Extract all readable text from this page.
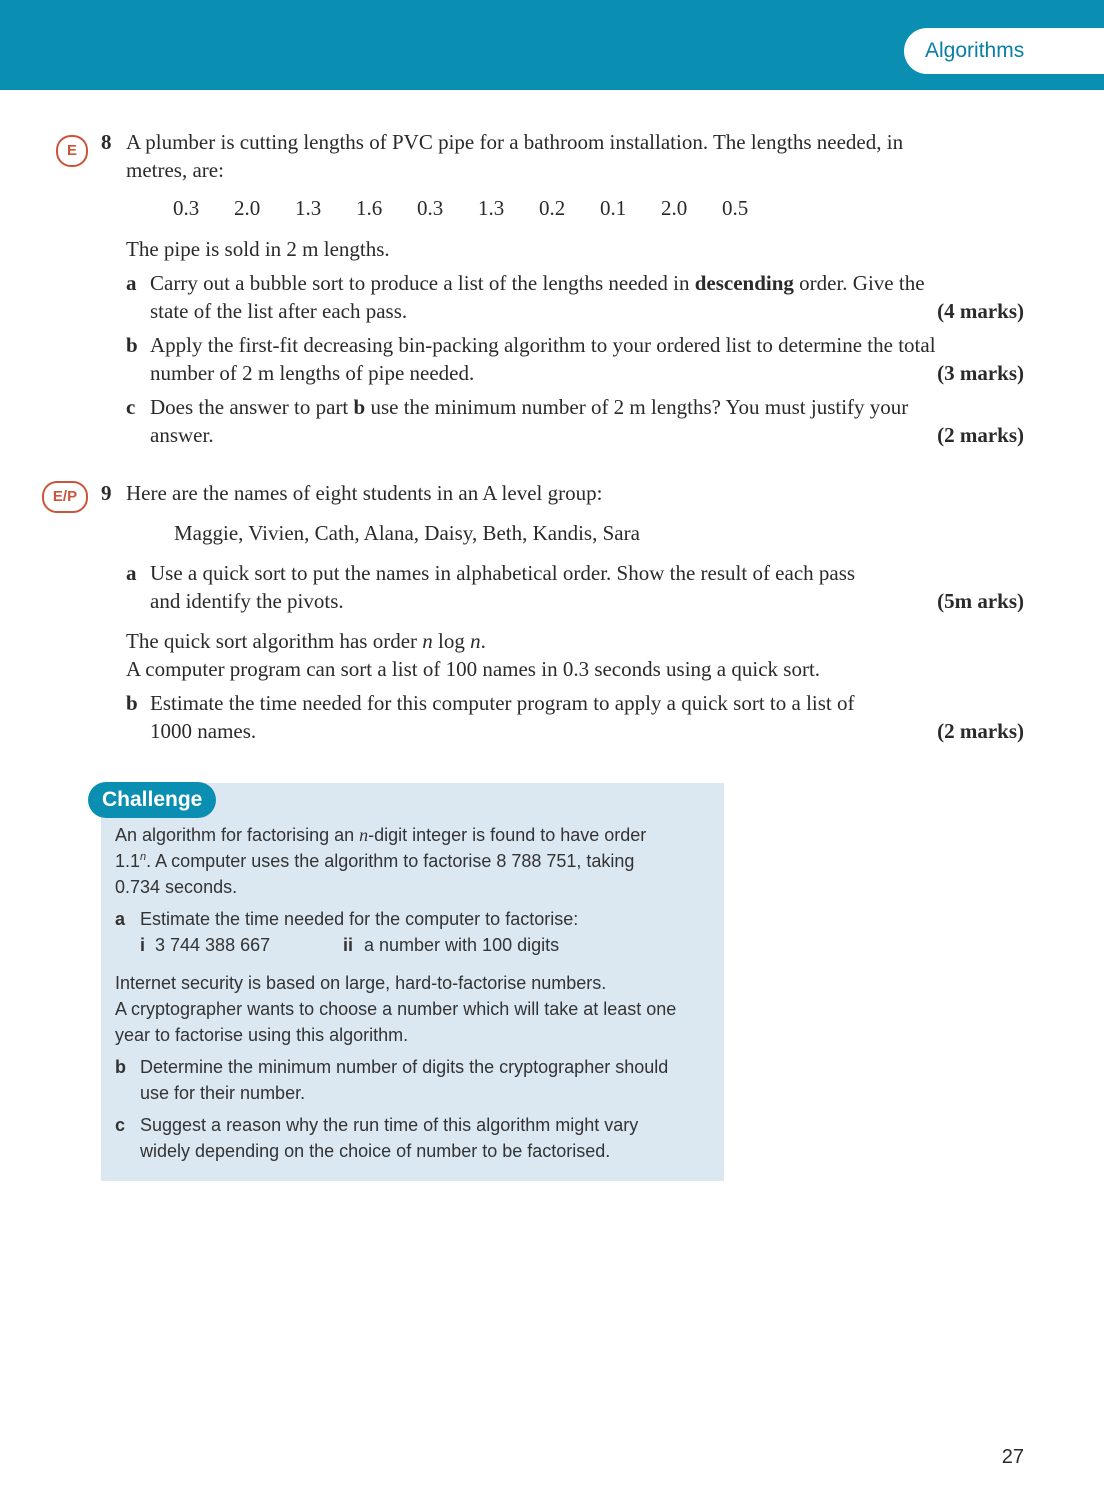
Algorithms
E	8 A plumber is cutting lengths of PVC pipe for a bathroom installation. The lengths needed, in
metres, are:
0.3	2.0	1.3	1.6	0.3	1.3	0.2	0.1	2.0	0.5
The pipe is sold in 2 m lengths.
a Carry out a bubble sort to produce a list of the lengths needed in descending order. Give the
state of the list after each pass.	(4 marks)
b Apply the first-fit decreasing bin-packing algorithm to your ordered list to determine the total
number of 2 m lengths of pipe needed.	(3 marks)
c Does the answer to part b use the minimum number of 2 m lengths? You must justify your
answer.	(2 marks)
E/P	9 Here are the names of eight students in an A level group:
Maggie, Vivien, Cath, Alana, Daisy, Beth, Kandis, Sara
a Use a quick sort to put the names in alphabetical order. Show the result of each pass
and identify the pivots.	(5m arks)
The quick sort algorithm has order n log n.
A computer program can sort a list of 100 names in 0.3 seconds using a quick sort.
b Estimate the time needed for this computer program to apply a quick sort to a list of
1000 names.	(2 marks)
Challenge
An algorithm for factorising an n-digit integer is found to have order
1.1$^n$. A computer uses the algorithm to factorise 8 788 751, taking
0.734 seconds.
a Estimate the time needed for the computer to factorise:
i 3 744 388 667	ii a number with 100 digits
Internet security is based on large, hard-to-factorise numbers.
A cryptographer wants to choose a number which will take at least one
year to factorise using this algorithm.
b Determine the minimum number of digits the cryptographer should
use for their number.
c Suggest a reason why the run time of this algorithm might vary
widely depending on the choice of number to be factorised.
27
